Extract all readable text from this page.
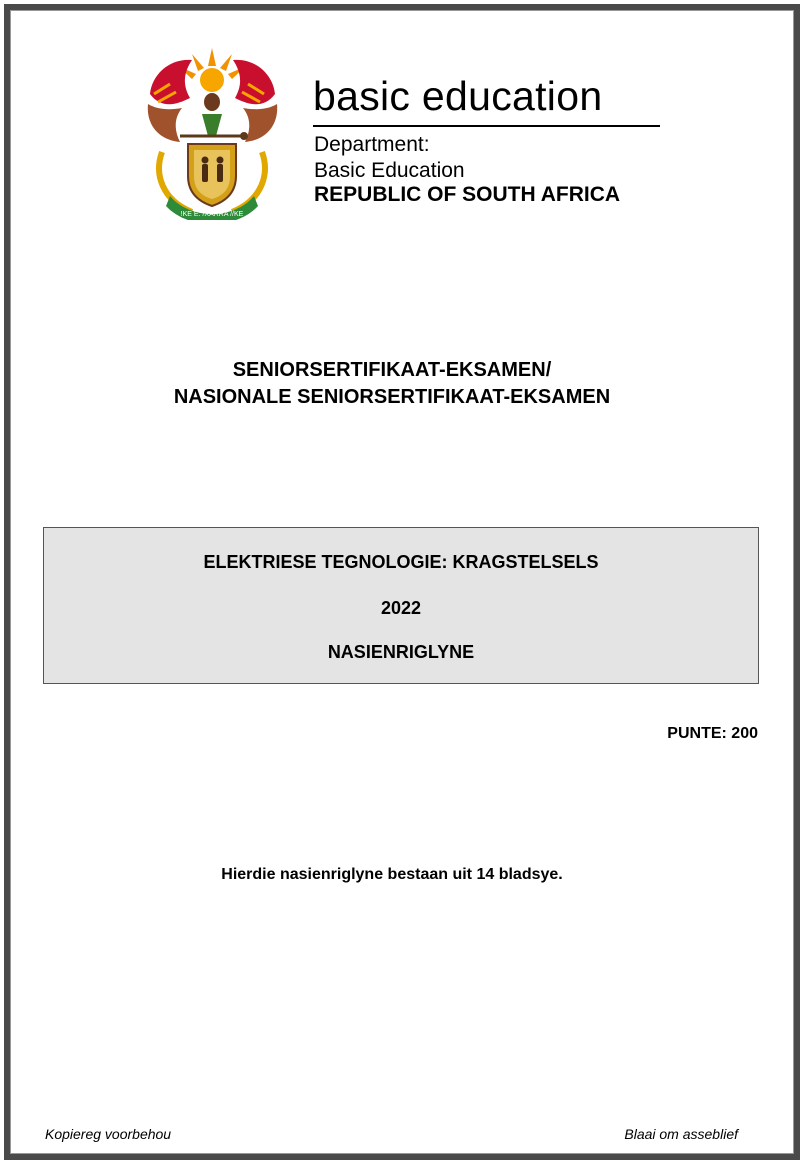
!KE E: /XARRA //KE
basic education
Department:
Basic Education
REPUBLIC OF SOUTH AFRICA
SENIORSERTIFIKAAT-EKSAMEN/
NASIONALE SENIORSERTIFIKAAT-EKSAMEN
ELEKTRIESE TEGNOLOGIE: KRAGSTELSELS
2022
NASIENRIGLYNE
PUNTE: 200
Hierdie nasienriglyne bestaan uit 14 bladsye.
Kopiereg voorbehou	Blaai om asseblief
